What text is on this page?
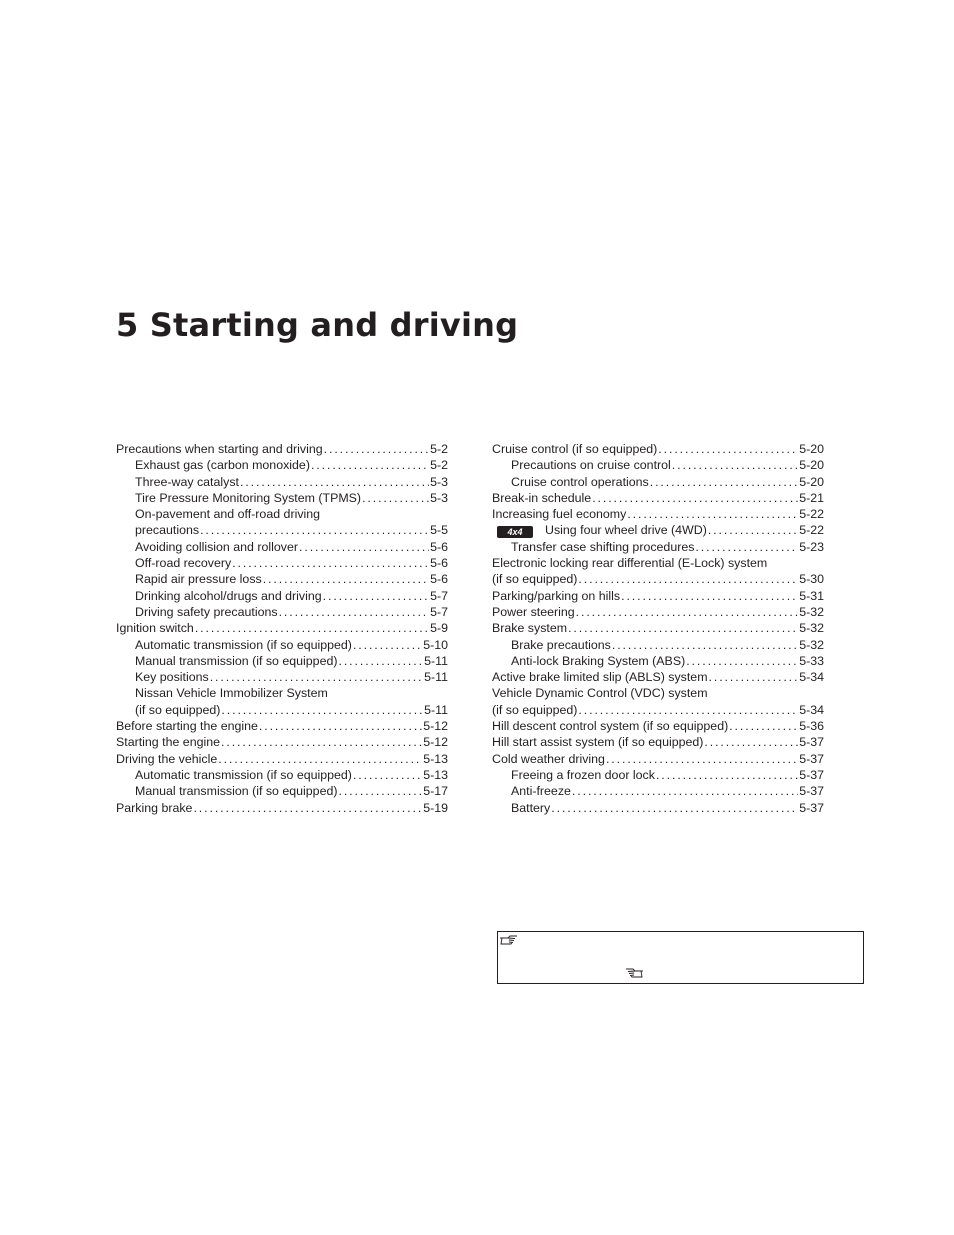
5 Starting and driving
Precautions when starting and driving .....	5-2
Exhaust gas (carbon monoxide) .....	5-2
Three-way catalyst .....	5-3
Tire Pressure Monitoring System (TPMS) .....	5-3
On-pavement and off-road driving
precautions .....	5-5
Avoiding collision and rollover .....	5-6
Off-road recovery .....	5-6
Rapid air pressure loss .....	5-6
Drinking alcohol/drugs and driving .....	5-7
Driving safety precautions .....	5-7
Ignition switch .....	5-9
Automatic transmission (if so equipped) .....	5-10
Manual transmission (if so equipped) .....	5-11
Key positions .....	5-11
Nissan Vehicle Immobilizer System
(if so equipped) .....	5-11
Before starting the engine .....	5-12
Starting the engine .....	5-12
Driving the vehicle .....	5-13
Automatic transmission (if so equipped) .....	5-13
Manual transmission (if so equipped) .....	5-17
Parking brake .....	5-19
Cruise control (if so equipped) .....	5-20
Precautions on cruise control .....	5-20
Cruise control operations .....	5-20
Break-in schedule .....	5-21
Increasing fuel economy .....	5-22
4x4 Using four wheel drive (4WD) .....	5-22
Transfer case shifting procedures .....	5-23
Electronic locking rear differential (E-Lock) system
(if so equipped) .....	5-30
Parking/parking on hills .....	5-31
Power steering .....	5-32
Brake system .....	5-32
Brake precautions .....	5-32
Anti-lock Braking System (ABS) .....	5-33
Active brake limited slip (ABLS) system .....	5-34
Vehicle Dynamic Control (VDC) system
(if so equipped) .....	5-34
Hill descent control system (if so equipped) .....	5-36
Hill start assist system (if so equipped) .....	5-37
Cold weather driving .....	5-37
Freeing a frozen door lock .....	5-37
Anti-freeze .....	5-37
Battery .....	5-37
